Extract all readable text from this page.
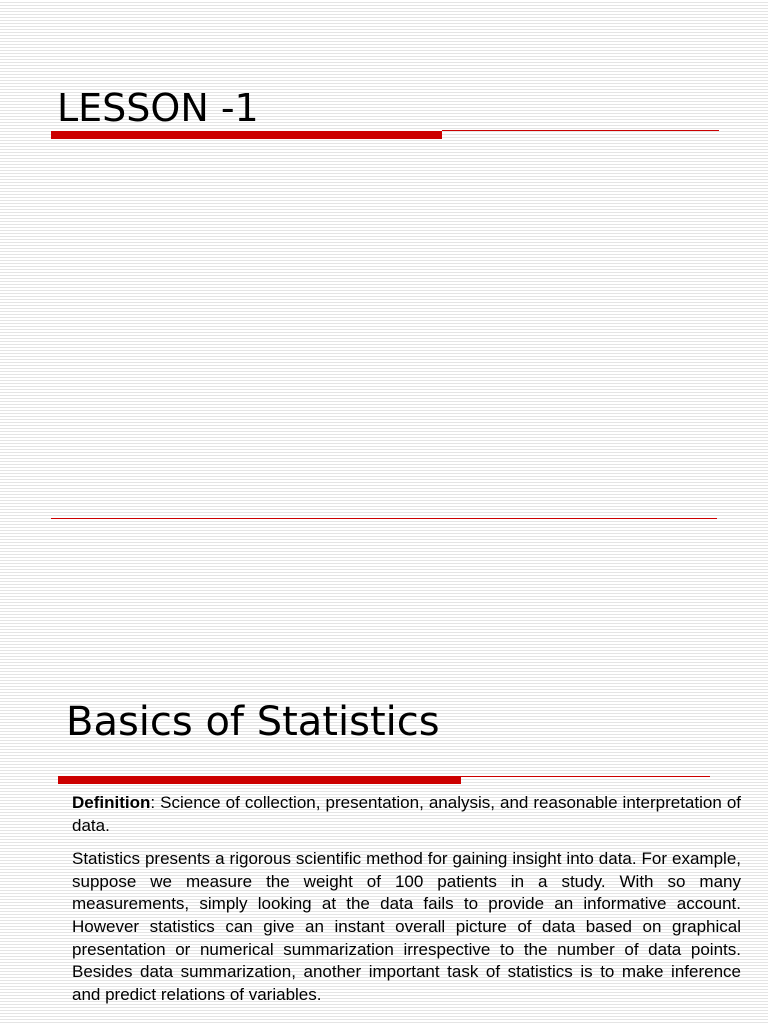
LESSON -1
Basics of Statistics

Definition: Science of collection, presentation, analysis, and reasonable interpretation of data.

Statistics presents a rigorous scientific method for gaining insight into data. For example, suppose we measure the weight of 100 patients in a study. With so many measurements, simply looking at the data fails to provide an informative account. However statistics can give an instant overall picture of data based on graphical presentation or numerical summarization irrespective to the number of data points. Besides data summarization, another important task of statistics is to make inference and predict relations of variables.
